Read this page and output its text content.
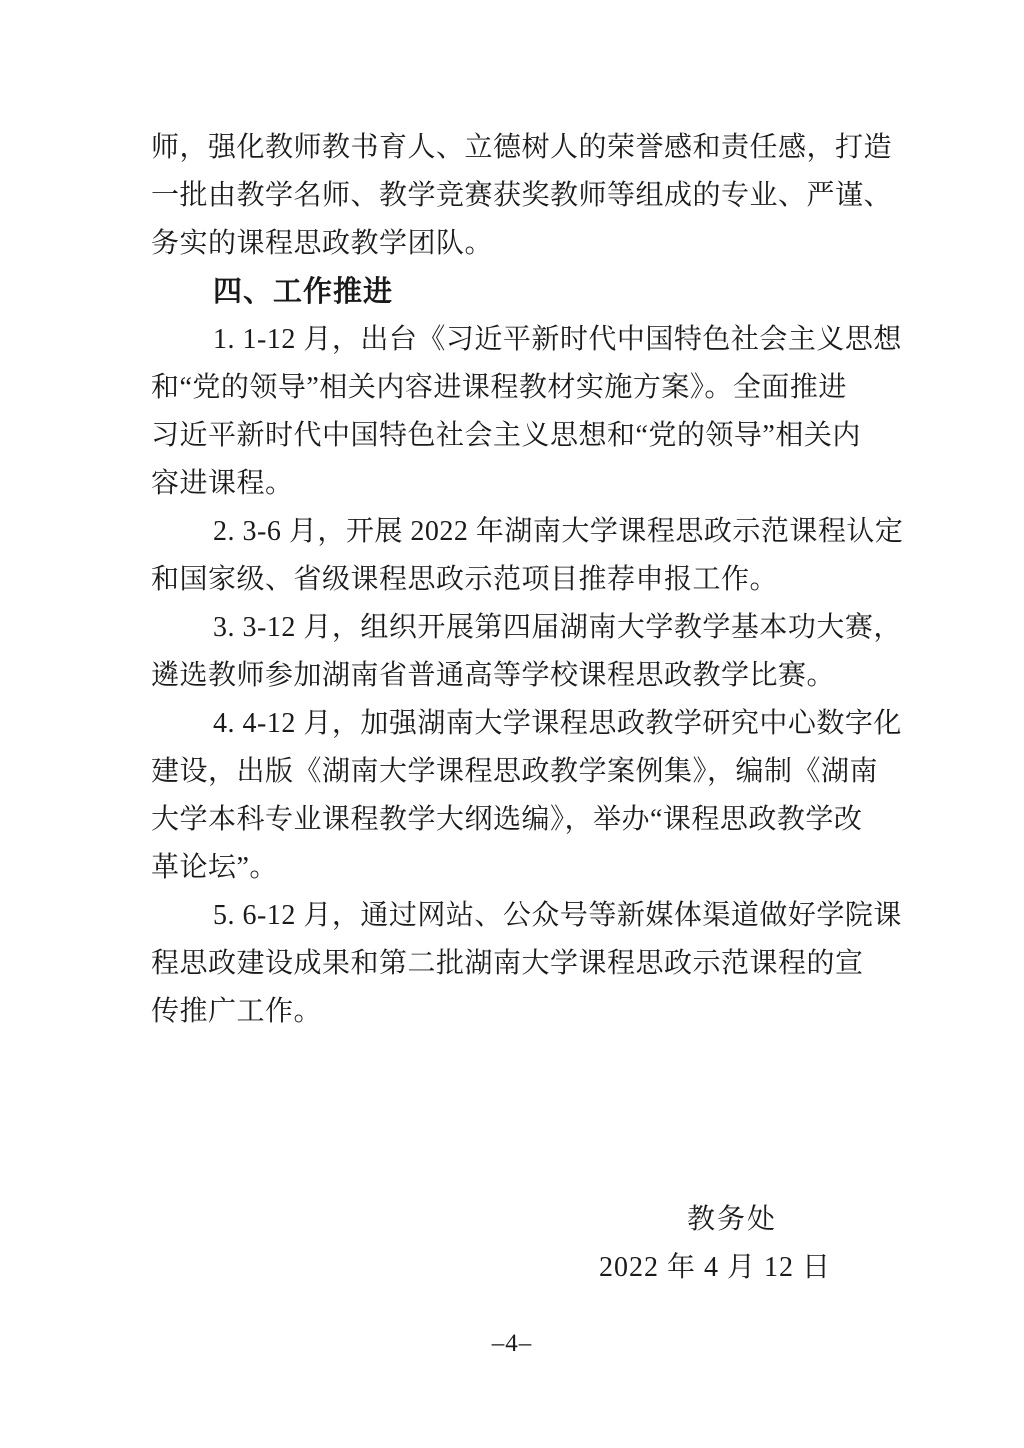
师，强化教师教书育人、立德树人的荣誉感和责任感，打造
一批由教学名师、教学竞赛获奖教师等组成的专业、严谨、
务实的课程思政教学团队。
四、工作推进
1. 1-12 月，出台《习近平新时代中国特色社会主义思想
和“党的领导”相关内容进课程教材实施方案》。全面推进
习近平新时代中国特色社会主义思想和“党的领导”相关内
容进课程。
2. 3-6 月，开展 2022 年湖南大学课程思政示范课程认定
和国家级、省级课程思政示范项目推荐申报工作。
3. 3-12 月，组织开展第四届湖南大学教学基本功大赛，
遴选教师参加湖南省普通高等学校课程思政教学比赛。
4. 4-12 月，加强湖南大学课程思政教学研究中心数字化
建设，出版《湖南大学课程思政教学案例集》，编制《湖南
大学本科专业课程教学大纲选编》，举办“课程思政教学改
革论坛”。
5. 6-12 月，通过网站、公众号等新媒体渠道做好学院课
程思政建设成果和第二批湖南大学课程思政示范课程的宣
传推广工作。
教务处
2022 年 4 月 12 日
–4–
